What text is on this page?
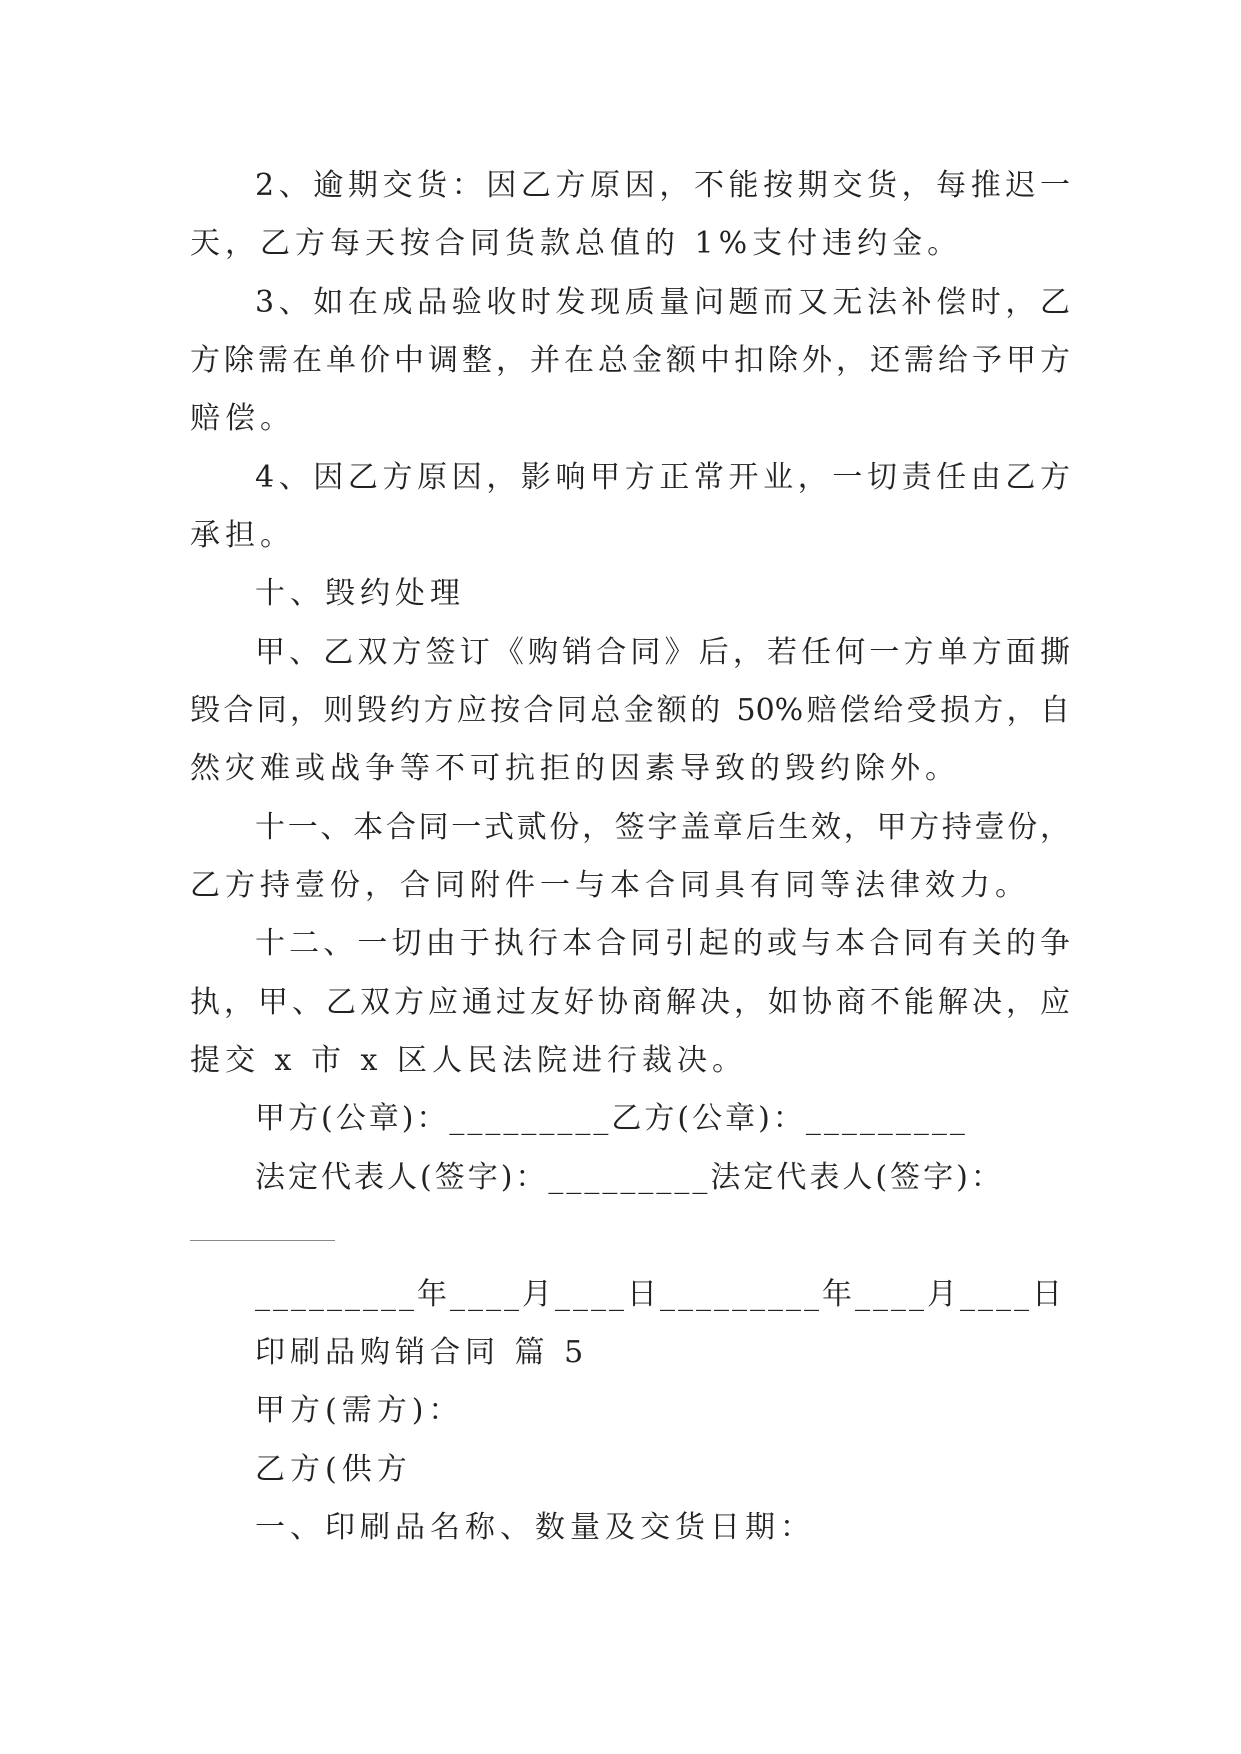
2、逾期交货：因乙方原因，不能按期交货，每推迟一
天，乙方每天按合同货款总值的 1%支付违约金。
3、如在成品验收时发现质量问题而又无法补偿时，乙
方除需在单价中调整，并在总金额中扣除外，还需给予甲方
赔偿。
4、因乙方原因，影响甲方正常开业，一切责任由乙方
承担。
十、毁约处理
甲、乙双方签订《购销合同》后，若任何一方单方面撕
毁合同，则毁约方应按合同总金额的 50%赔偿给受损方，自
然灾难或战争等不可抗拒的因素导致的毁约除外。
十一、本合同一式贰份，签字盖章后生效，甲方持壹份，
乙方持壹份，合同附件一与本合同具有同等法律效力。
十二、一切由于执行本合同引起的或与本合同有关的争
执，甲、乙双方应通过友好协商解决，如协商不能解决，应
提交 x 市 x 区人民法院进行裁决。
甲方(公章)：_________乙方(公章)：_________
法定代表人(签字)：_________法定代表人(签字)：
_________年____月____日_________年____月____日
印刷品购销合同 篇 5
甲方(需方)：
乙方(供方
一、印刷品名称、数量及交货日期：
